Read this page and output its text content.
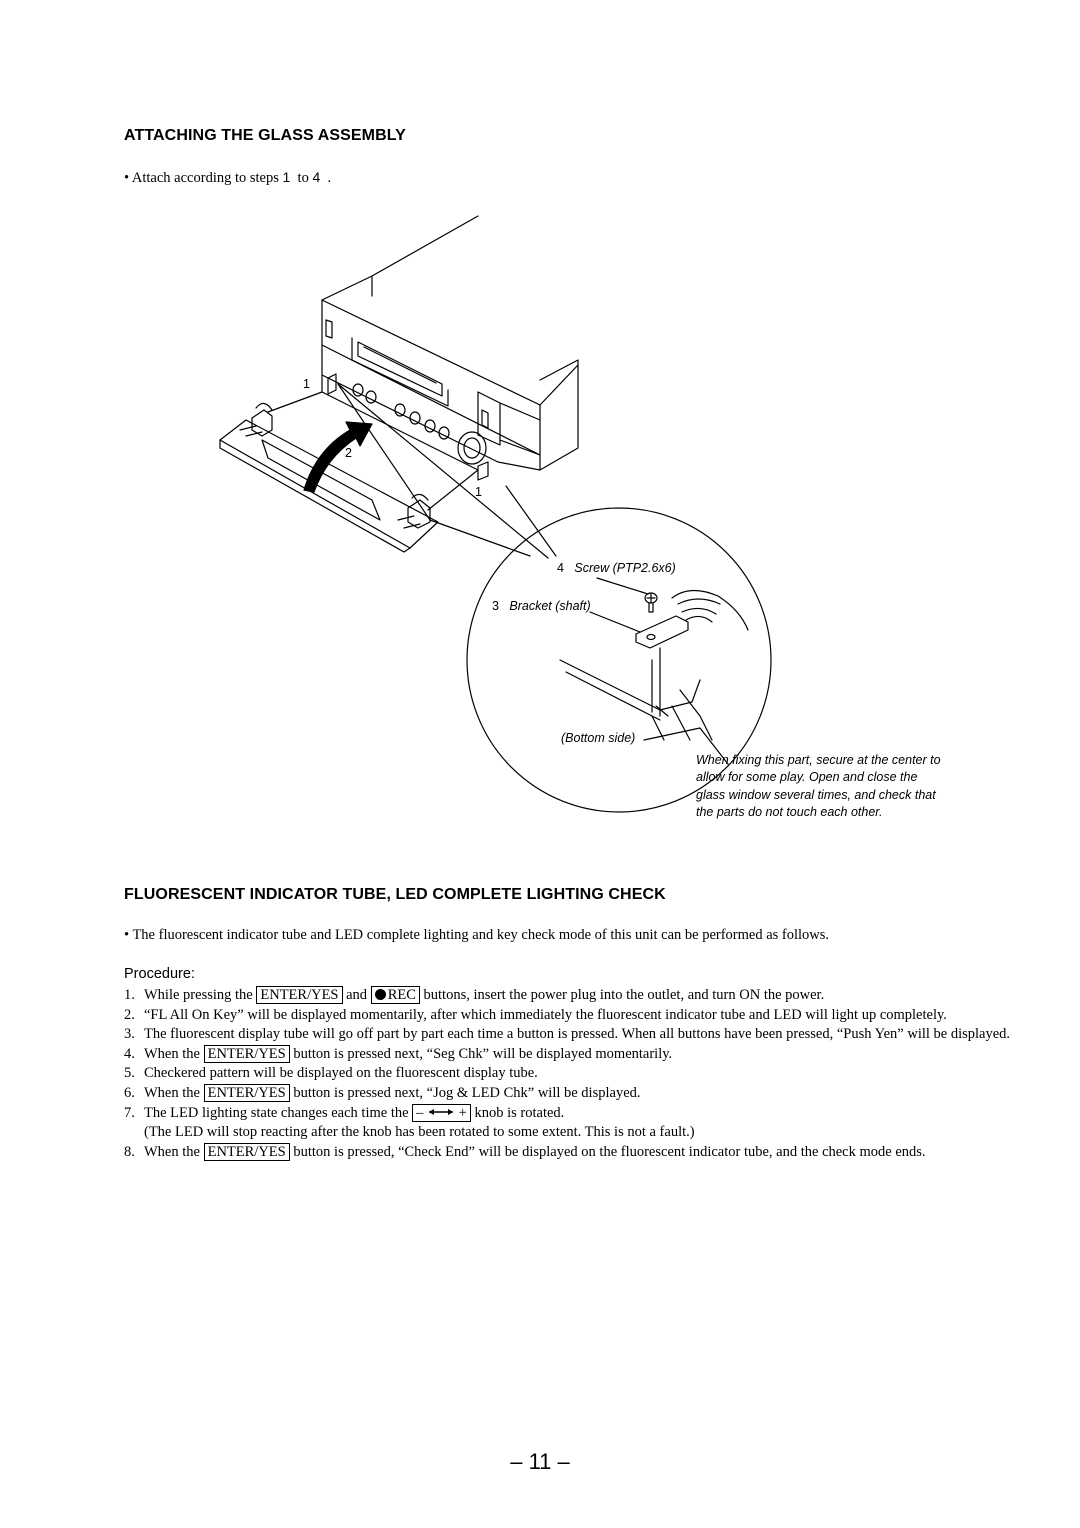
ATTACHING THE GLASS ASSEMBLY
• Attach according to steps 1 to 4 .
1
2
1
4 Screw (PTP2.6x6)
3 Bracket (shaft)
(Bottom side)
When fixing this part, secure at the center to allow for some play. Open and close the glass window several times, and check that the parts do not touch each other.
FLUORESCENT INDICATOR TUBE, LED COMPLETE LIGHTING CHECK
• The fluorescent indicator tube and LED complete lighting and key check mode of this unit can be performed as follows.
Procedure:
1. While pressing the ENTER/YES and REC buttons, insert the power plug into the outlet, and turn ON the power.
2. “FL All On Key” will be displayed momentarily, after which immediately the fluorescent indicator tube and LED will light up completely.
3. The fluorescent display tube will go off part by part each time a button is pressed. When all buttons have been pressed, “Push Yen” will be displayed.
4. When the ENTER/YES button is pressed next, “Seg Chk” will be displayed momentarily.
5. Checkered pattern will be displayed on the fluorescent display tube.
6. When the ENTER/YES button is pressed next, “Jog & LED Chk” will be displayed.
7. The LED lighting state changes each time the – + knob is rotated.
(The LED will stop reacting after the knob has been rotated to some extent. This is not a fault.)
8. When the ENTER/YES button is pressed, “Check End” will be displayed on the fluorescent indicator tube, and the check mode ends.
– 11 –
